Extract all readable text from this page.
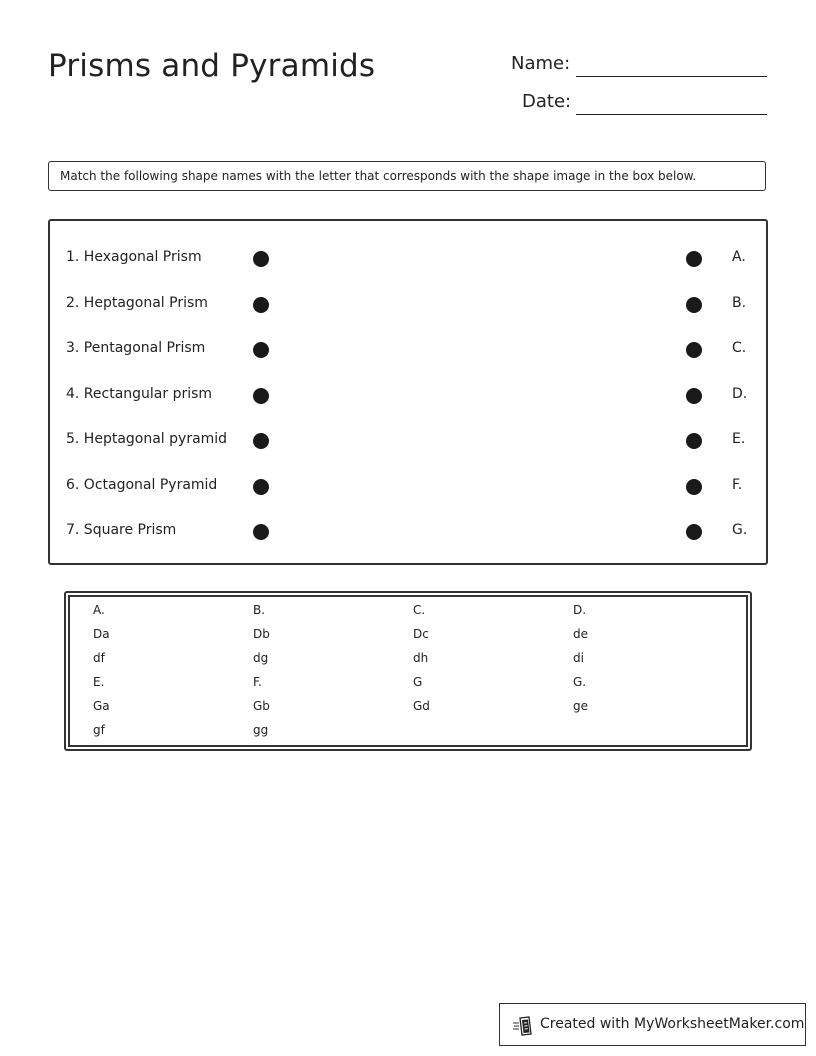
Prisms and Pyramids	Name:
Date:
Match the following shape names with the letter that corresponds with the shape image in the box below.
1. Hexagonal Prism	A.
2. Heptagonal Prism	B.
3. Pentagonal Prism	C.
4. Rectangular prism	D.
5. Heptagonal pyramid	E.
6. Octagonal Pyramid	F.
7. Square Prism	G.
A.	B.	C.	D.
Da	Db	Dc	de
df	dg	dh	di
E.	F.	G	G.
Ga	Gb	Gd	ge
gf	gg
Created with MyWorksheetMaker.com
